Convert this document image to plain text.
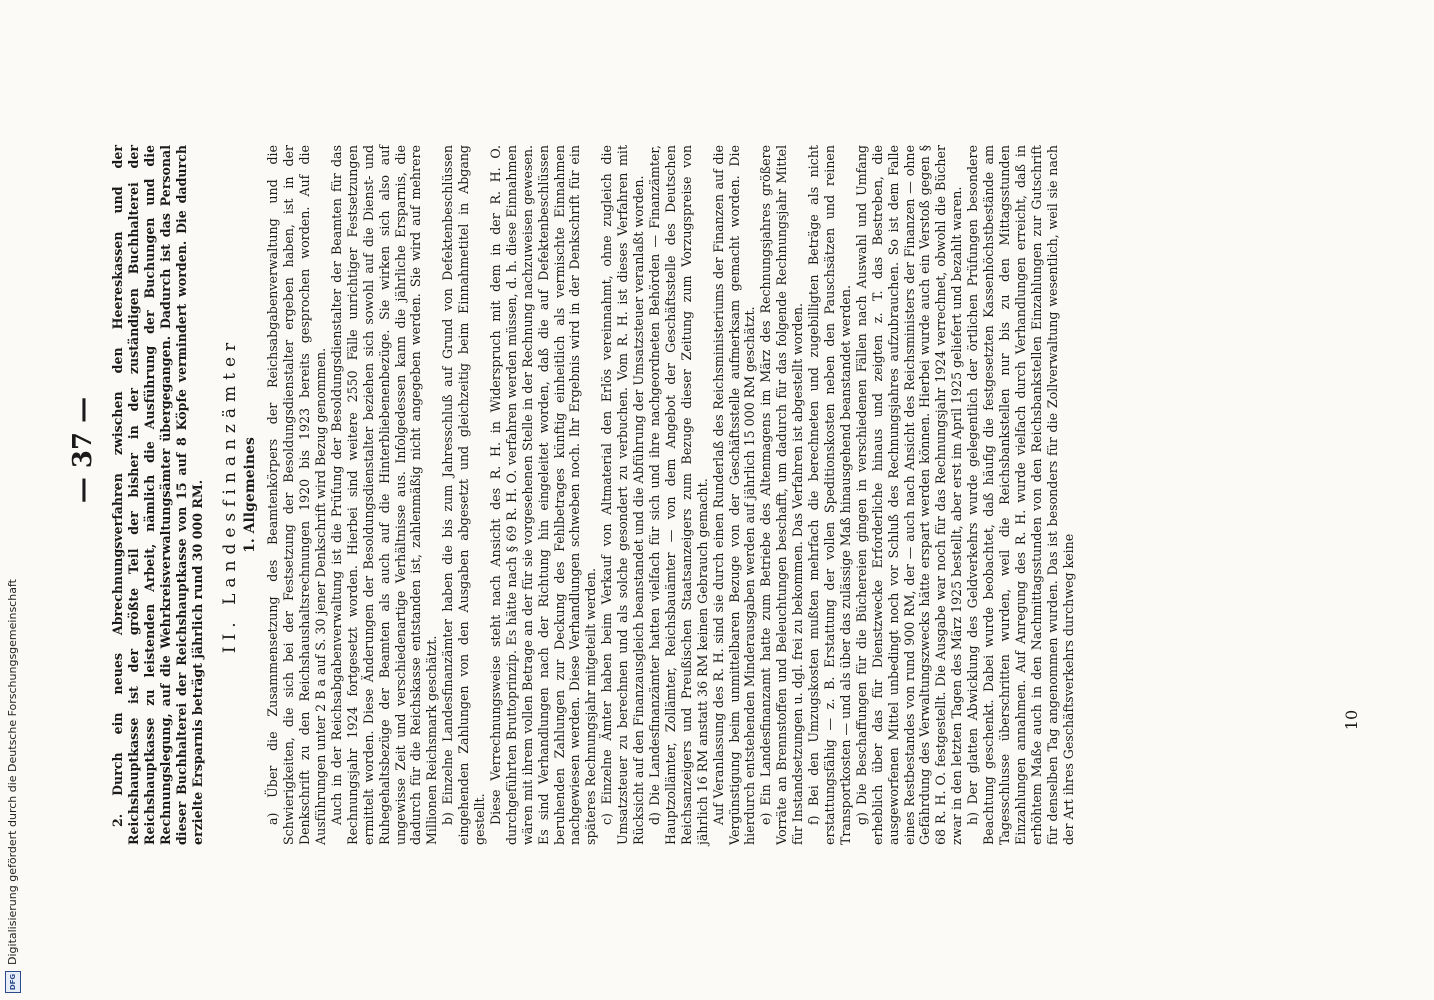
— 37 — 2. Durch ein neues Abrechnungsverfahren zwischen den Heereskassen und der Reichshauptkasse ist der größte Teil der bisher in der zuständigen Buchhalterei der Reichshauptkasse zu leistenden Arbeit, nämlich die Ausführung der Buchungen und die Rechnungslegung, auf die Wehrkreisverwaltungsämter übergegangen. Dadurch ist das Personal dieser Buchhalterei der Reichshauptkasse von 15 auf 8 Köpfe vermindert worden. Die dadurch erzielte Ersparnis beträgt jährlich rund 30 000 RM. II. Landesfinanzämter 1. Allgemeines a) Über die Zusammensetzung des Beamtenkörpers der Reichsabgabenverwaltung und die Schwierigkeiten, die sich bei der Festsetzung der Besoldungsdienstalter ergeben haben, ist in der Denkschrift zu den Reichshaushaltsrechnungen 1920 bis 1923 bereits gesprochen worden. Auf die Ausführungen unter 2 B a auf S. 30 jener Denkschrift wird Bezug genommen. Auch in der Reichsabgabenverwaltung ist die Prüfung der Besoldungsdienstalter der Beamten für das Rechnungsjahr 1924 fortgesetzt worden. Hierbei sind weitere 2550 Fälle unrichtiger Festsetzungen ermittelt worden. Diese Änderungen der Besoldungsdienstalter beziehen sich sowohl auf die Dienst- und Ruhegehaltsbezüge der Beamten als auch auf die Hinterbliebenenbezüge. Sie wirken sich also auf ungewisse Zeit und verschiedenartige Verhältnisse aus. Infolgedessen kann die jährliche Ersparnis, die dadurch für die Reichskasse entstanden ist, zahlenmäßig nicht angegeben werden. Sie wird auf mehrere Millionen Reichsmark geschätzt. b) Einzelne Landesfinanzämter haben die bis zum Jahresschluß auf Grund von Defektenbeschlüssen eingehenden Zahlungen von den Ausgaben abgesetzt und gleichzeitig beim Einnahmetitel in Abgang gestellt. Diese Verrechnungsweise steht nach Ansicht des R. H. in Widerspruch mit dem in der R. H. O. durchgeführten Bruttoprinzip. Es hätte nach § 69 R. H. O. verfahren werden müssen, d. h. diese Einnahmen wären mit ihrem vollen Betrage an der für sie vorgesehenen Stelle in der Rechnung nachzuweisen gewesen. Es sind Verhandlungen nach der Richtung hin eingeleitet worden, daß die auf Defektenbeschlüssen beruhenden Zahlungen zur Deckung des Fehlbetrages künftig einheitlich als vermischte Einnahmen nachgewiesen werden. Diese Verhandlungen schweben noch. Ihr Ergebnis wird in der Denkschrift für ein späteres Rechnungsjahr mitgeteilt werden. c) Einzelne Ämter haben beim Verkauf von Altmaterial den Erlös vereinnahmt, ohne zugleich die Umsatzsteuer zu berechnen und als solche gesondert zu verbuchen. Vom R. H. ist dieses Verfahren mit Rücksicht auf den Finanzausgleich beanstandet und die Abführung der Umsatzsteuer veranlaßt worden. d) Die Landesfinanzämter hatten vielfach für sich und ihre nachgeordneten Behörden — Finanzämter, Hauptzollämter, Zollämter, Reichsbauämter — von dem Angebot der Geschäftsstelle des Deutschen Reichsanzeigers und Preußischen Staatsanzeigers zum Bezuge dieser Zeitung zum Vorzugspreise von jährlich 16 RM anstatt 36 RM keinen Gebrauch gemacht. Auf Veranlassung des R. H. sind sie durch einen Runderlaß des Reichsministeriums der Finanzen auf die Vergünstigung beim unmittelbaren Bezuge von der Geschäftsstelle aufmerksam gemacht worden. Die hierdurch entstehenden Minderausgaben werden auf jährlich 15 000 RM geschätzt. e) Ein Landesfinanzamt hatte zum Betriebe des Altenmagens im März des Rechnungsjahres größere Vorräte an Brennstoffen und Beleuchtungen beschafft, um dadurch für das folgende Rechnungsjahr Mittel für Instandsetzungen u. dgl. frei zu bekommen. Das Verfahren ist abgestellt worden. f) Bei den Umzugskosten mußten mehrfach die berechneten und zugebilligten Beträge als nicht erstattungsfähig — z. B. Erstattung der vollen Speditionskosten neben den Pauschsätzen und reinen Transportkosten — und als über das zulässige Maß hinausgehend beanstandet werden. g) Die Beschaffungen für die Büchereien gingen in verschiedenen Fällen nach Auswahl und Umfang erheblich über das für Dienstzwecke Erforderliche hinaus und zeigten z. T. das Bestreben, die ausgeworfenen Mittel unbedingt noch vor Schluß des Rechnungsjahres aufzubrauchen. So ist dem Falle eines Restbestandes von rund 900 RM, der — auch nach Ansicht des Reichsministers der Finanzen — ohne Gefährdung des Verwaltungszwecks hätte erspart werden können. Hierbei wurde auch ein Verstoß gegen § 68 R. H. O. festgestellt. Die Ausgabe war noch für das Rechnungsjahr 1924 verrechnet, obwohl die Bücher zwar in den letzten Tagen des März 1925 bestellt, aber erst im April 1925 geliefert und bezahlt waren. h) Der glatten Abwicklung des Geldverkehrs wurde gelegentlich der örtlichen Prüfungen besondere Beachtung geschenkt. Dabei wurde beobachtet, daß häufig die festgesetzten Kassenhöchstbestände am Tagesschlusse überschritten wurden, weil die Reichsbankstellen nur bis zu den Mittagsstunden Einzahlungen annahmen. Auf Anregung des R. H. wurde vielfach durch Verhandlungen erreicht, daß in erhöhtem Maße auch in den Nachmittagsstunden von den Reichsbankstellen Einzahlungen zur Gutschrift für denselben Tag angenommen wurden. Das ist besonders für die Zollverwaltung wesentlich, weil sie nach der Art ihres Geschäftsverkehrs durchweg keine	10
DFGDigitalisierung gefördert durch die Deutsche Forschungsgemeinschaft
